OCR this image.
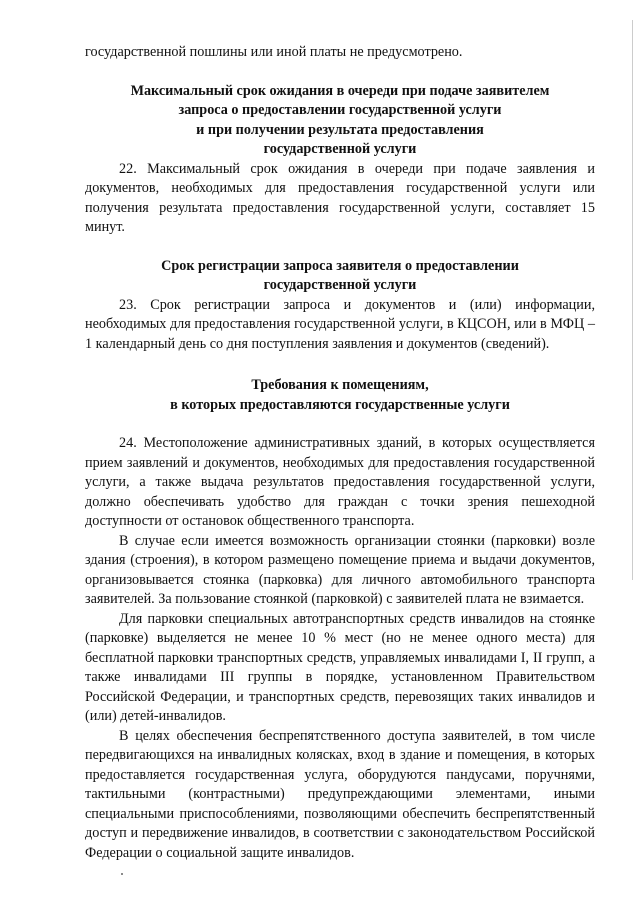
государственной пошлины или иной платы не предусмотрено.

Максимальный срок ожидания в очереди при подаче заявителем
запроса о предоставлении государственной услуги
и при получении результата предоставления
государственной услуги

22. Максимальный срок ожидания в очереди при подаче заявления и документов, необходимых для предоставления государственной услуги или получения результата предоставления государственной услуги, составляет 15 минут.

Срок регистрации запроса заявителя о предоставлении
государственной услуги

23. Срок регистрации запроса и документов и (или) информации, необходимых для предоставления государственной услуги, в КЦСОН, или в МФЦ – 1 календарный день со дня поступления заявления и документов (сведений).

Требования к помещениям,
в которых предоставляются государственные услуги

24. Местоположение административных зданий, в которых осуществляется прием заявлений и документов, необходимых для предоставления государственной услуги, а также выдача результатов предоставления государственной услуги, должно обеспечивать удобство для граждан с точки зрения пешеходной доступности от остановок общественного транспорта.

В случае если имеется возможность организации стоянки (парковки) возле здания (строения), в котором размещено помещение приема и выдачи документов, организовывается стоянка (парковка) для личного автомобильного транспорта заявителей. За пользование стоянкой (парковкой) с заявителей плата не взимается.

Для парковки специальных автотранспортных средств инвалидов на стоянке (парковке) выделяется не менее 10 % мест (но не менее одного места) для бесплатной парковки транспортных средств, управляемых инвалидами I, II групп, а также инвалидами III группы в порядке, установленном Правительством Российской Федерации, и транспортных средств, перевозящих таких инвалидов и (или) детей-инвалидов.

В целях обеспечения беспрепятственного доступа заявителей, в том числе передвигающихся на инвалидных колясках, вход в здание и помещения, в которых предоставляется государственная услуга, оборудуются пандусами, поручнями, тактильными (контрастными) предупреждающими элементами, иными специальными приспособлениями, позволяющими обеспечить беспрепятственный доступ и передвижение инвалидов, в соответствии с законодательством Российской Федерации о социальной защите инвалидов.
